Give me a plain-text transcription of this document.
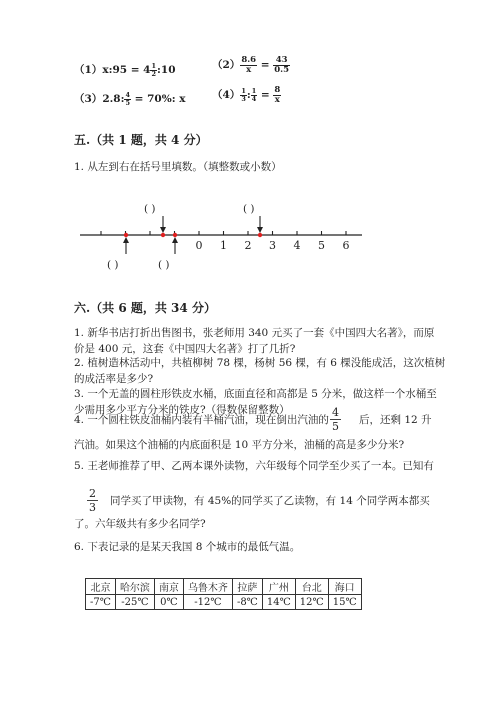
（1）x:95 = $4 \frac{1}{2}$ :10	$(2) \frac{8.6}{x} = \frac{43}{0.5}$
（3）2.8: $\frac{4}{5} = 70\%$: x	$(4) \frac{1}{3}$ : $\frac{1}{4} = \frac{8}{x}$
五.（共 1 题，共 4 分）
1. 从左到右在括号里填数。（填整数或小数）
( )	( )
( )	( )
0 1 2 3 4 5 6
六.（共 6 题，共 34 分）
1. 新华书店打折出售图书，张老师用 340 元买了一套《中国四大名著》，而原
价是 400 元，这套《中国四大名著》打了几折?
2. 植树造林活动中，共植柳树 78 棵，杨树 56 棵，有 6 棵没能成活，这次植树
的成活率是多少?
3. 一个无盖的圆柱形铁皮水桶，底面直径和高都是 5 分米，做这样一个水桶至
少需用多少平方分米的铁皮?（得数保留整数）
4. 一个圆柱铁皮油桶内装有半桶汽油，现在倒出汽油的 $\frac{4}{5}$ 后，还剩 12 升
汽油。如果这个油桶的内底面积是 10 平方分米，油桶的高是多少分米?
5. 王老师推荐了甲、乙两本课外读物，六年级每个同学至少买了一本。已知有
$\frac{2}{3}$ 同学买了甲读物，有 45%的同学买了乙读物，有 14 个同学两本都买
了。六年级共有多少名同学?
6. 下表记录的是某天我国 8 个城市的最低气温。
北京	哈尔滨	南京	乌鲁木齐	拉萨	广州	台北	海口
-7℃	-25℃	0℃	-12℃	-8℃	14℃	12℃	15℃
